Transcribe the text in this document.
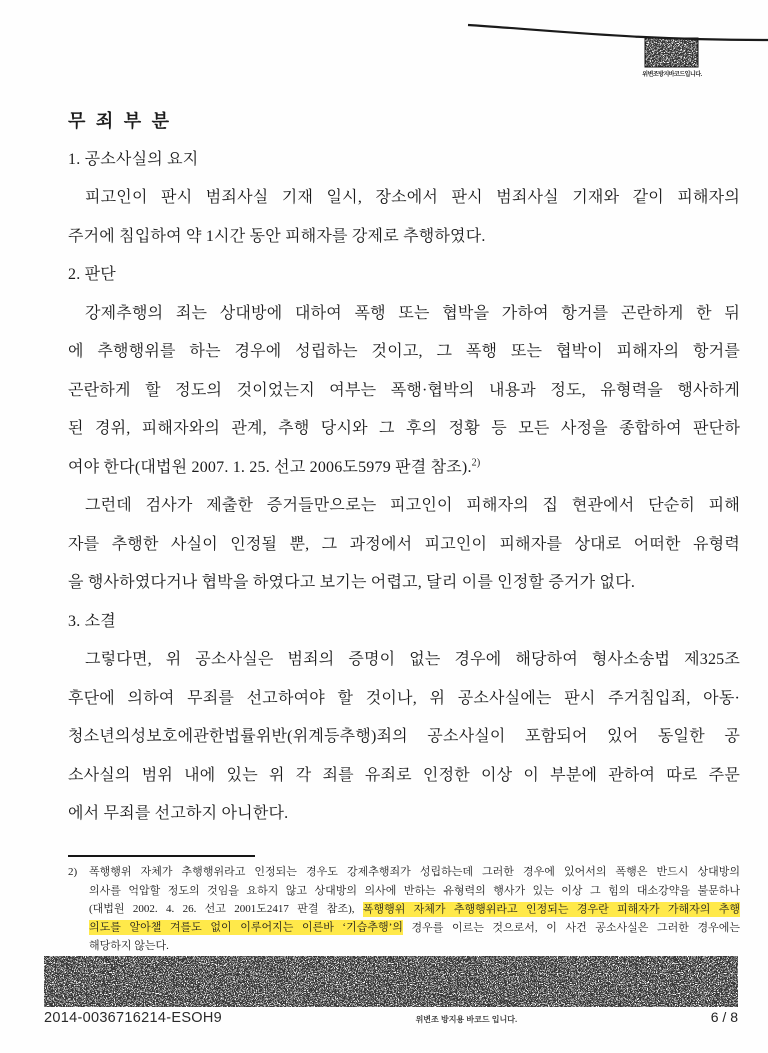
위변조방지바코드입니다.
무 죄 부 분
1. 공소사실의 요지
피고인이 판시 범죄사실 기재 일시, 장소에서 판시 범죄사실 기재와 같이 피해자의
주거에 침입하여 약 1시간 동안 피해자를 강제로 추행하였다.
2. 판단
강제추행의 죄는 상대방에 대하여 폭행 또는 협박을 가하여 항거를 곤란하게 한 뒤
에 추행행위를 하는 경우에 성립하는 것이고, 그 폭행 또는 협박이 피해자의 항거를
곤란하게 할 정도의 것이었는지 여부는 폭행·협박의 내용과 정도, 유형력을 행사하게
된 경위, 피해자와의 관계, 추행 당시와 그 후의 정황 등 모든 사정을 종합하여 판단하
여야 한다(대법원 2007. 1. 25. 선고 2006도5979 판결 참조).$^{2)}$
그런데 검사가 제출한 증거들만으로는 피고인이 피해자의 집 현관에서 단순히 피해
자를 추행한 사실이 인정될 뿐, 그 과정에서 피고인이 피해자를 상대로 어떠한 유형력
을 행사하였다거나 협박을 하였다고 보기는 어렵고, 달리 이를 인정할 증거가 없다.
3. 소결
그렇다면, 위 공소사실은 범죄의 증명이 없는 경우에 해당하여 형사소송법 제325조
후단에 의하여 무죄를 선고하여야 할 것이나, 위 공소사실에는 판시 주거침입죄, 아동·
청소년의성보호에관한법률위반(위계등추행)죄의 공소사실이 포함되어 있어 동일한 공
소사실의 범위 내에 있는 위 각 죄를 유죄로 인정한 이상 이 부분에 관하여 따로 주문
에서 무죄를 선고하지 아니한다.
2) 폭행행위 자체가 추행행위라고 인정되는 경우도 강제추행죄가 성립하는데 그러한 경우에 있어서의 폭행은 반드시 상대방의
의사를 억압할 정도의 것임을 요하지 않고 상대방의 의사에 반하는 유형력의 행사가 있는 이상 그 힘의 대소강약을 불문하나
(대법원 2002. 4. 26. 선고 2001도2417 판결 참조), 폭행행위 자체가 추행행위라고 인정되는 경우란 피해자가 가해자의 추행
의도를 알아챌 겨를도 없이 이루어지는 이른바 ‘기습추행’의 경우를 이르는 것으로서, 이 사건 공소사실은 그러한 경우에는
해당하지 않는다.
2014-0036716214-ESOH9	위변조 방지용 바코드 입니다.	6 / 8
